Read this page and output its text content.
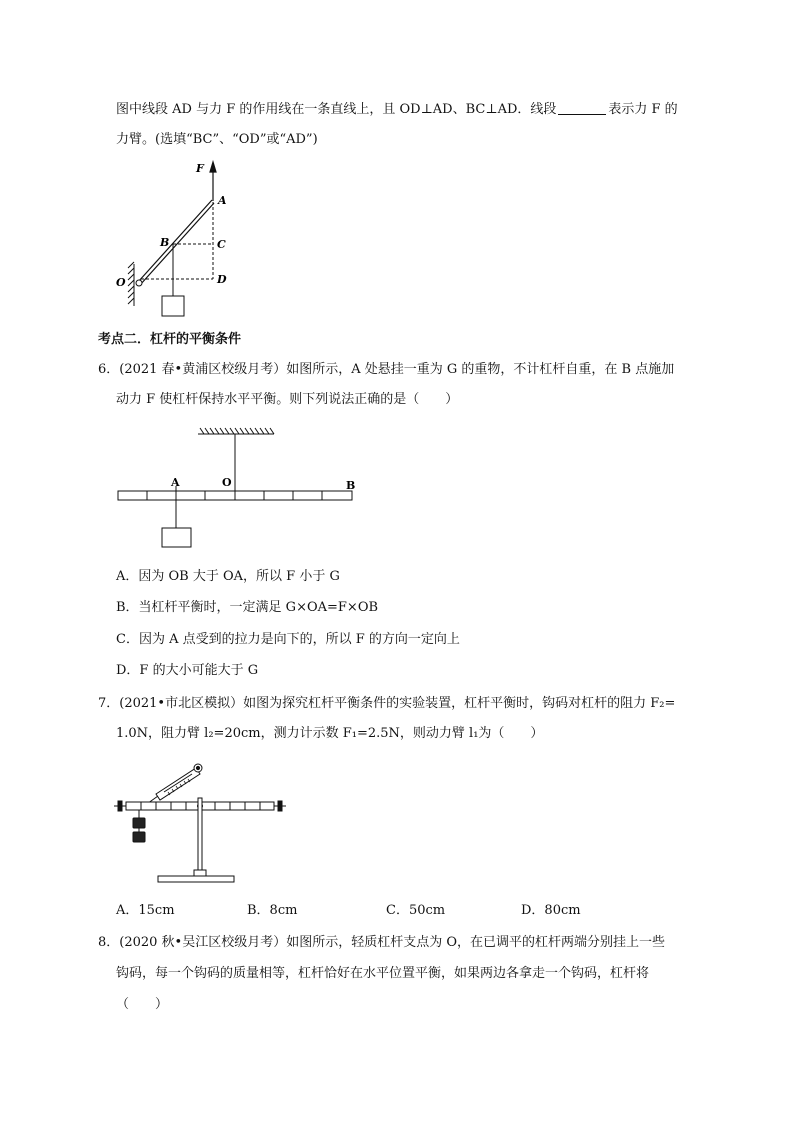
图中线段 AD 与力 F 的作用线在一条直线上，且 OD⊥AD、BC⊥AD．线段	表示力 F 的
力臂。(选填“BC”、“OD”或“AD”)
F
A
B	C
D
O
考点二．杠杆的平衡条件
6．(2021 春•黄浦区校级月考）如图所示，A 处悬挂一重为 G 的重物，不计杠杆自重，在 B 点施加
动力 F 使杠杆保持水平平衡。则下列说法正确的是（　　）
A	O	B
A．因为 OB 大于 OA，所以 F 小于 G
B．当杠杆平衡时，一定满足 G×OA=F×OB
C．因为 A 点受到的拉力是向下的，所以 F 的方向一定向上
D．F 的大小可能大于 G
7．(2021•市北区模拟）如图为探究杠杆平衡条件的实验装置，杠杆平衡时，钩码对杠杆的阻力 F₂=
1.0N，阻力臂 l₂=20cm，测力计示数 F₁=2.5N，则动力臂 l₁为（　　）
A．15cm	B．8cm	C．50cm	D．80cm
8．(2020 秋•吴江区校级月考）如图所示，轻质杠杆支点为 O，在已调平的杠杆两端分别挂上一些
钩码，每一个钩码的质量相等，杠杆恰好在水平位置平衡，如果两边各拿走一个钩码，杠杆将
（　　）
